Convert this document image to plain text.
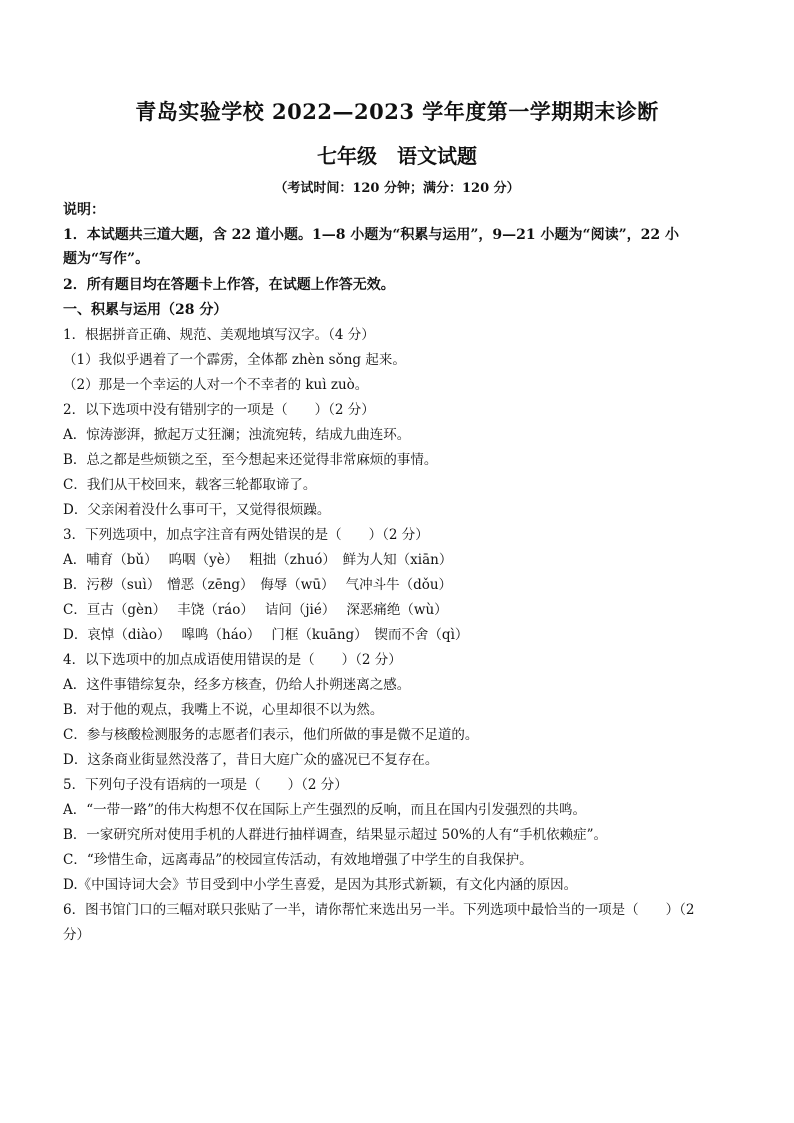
青岛实验学校 2022—2023 学年度第一学期期末诊断
七年级　语文试题
（考试时间：120 分钟；满分：120 分）
说明：
1．本试题共三道大题，含 22 道小题。1—8 小题为“积累与运用”，9—21 小题为“阅读”，22 小
题为“写作”。
2．所有题目均在答题卡上作答，在试题上作答无效。
一、积累与运用（28 分）
1．根据拼音正确、规范、美观地填写汉字。（4 分）
（1）我似乎遇着了一个霹雳，全体都 zhèn sǒng 起来。
（2）那是一个幸运的人对一个不幸者的 kuì zuò。
2．以下选项中没有错别字的一项是（　　）（2 分）
A．惊涛澎湃，掀起万丈狂澜；浊流宛转，结成九曲连环。
B．总之都是些烦锁之至，至今想起来还觉得非常麻烦的事情。
C．我们从干校回来，载客三轮都取谛了。
D．父亲闲着没什么事可干，又觉得很烦躁。
3．下列选项中，加点字注音有两处错误的是（　　）（2 分）
A．哺育（bǔ）　 呜咽（yè）　 粗拙（zhuó）　鲜为人知（xiān）
B．污秽（suì）　憎恶（zēng）　侮辱（wū）　 气冲斗牛（dǒu）
C．亘古（gèn）　 丰饶（ráo）　 诘问（jié）　 深恶痛绝（wù）
D．哀悼（diào）　 嗥鸣（háo）　 门框（kuāng）　锲而不舍（qì）
4．以下选项中的加点成语使用错误的是（　　）（2 分）
A．这件事错综复杂，经多方核查，仍给人扑朔迷离之感。
B．对于他的观点，我嘴上不说，心里却很不以为然。
C．参与核酸检测服务的志愿者们表示，他们所做的事是微不足道的。
D．这条商业街显然没落了，昔日大庭广众的盛况已不复存在。
5．下列句子没有语病的一项是（　　）（2 分）
A．“一带一路”的伟大构想不仅在国际上产生强烈的反响，而且在国内引发强烈的共鸣。
B．一家研究所对使用手机的人群进行抽样调查，结果显示超过 50%的人有“手机依赖症”。
C．“珍惜生命，远离毒品”的校园宣传活动，有效地增强了中学生的自我保护。
D.《中国诗词大会》节目受到中小学生喜爱，是因为其形式新颖，有文化内涵的原因。
6．图书馆门口的三幅对联只张贴了一半，请你帮忙来选出另一半。下列选项中最恰当的一项是（　　）（2
分）
